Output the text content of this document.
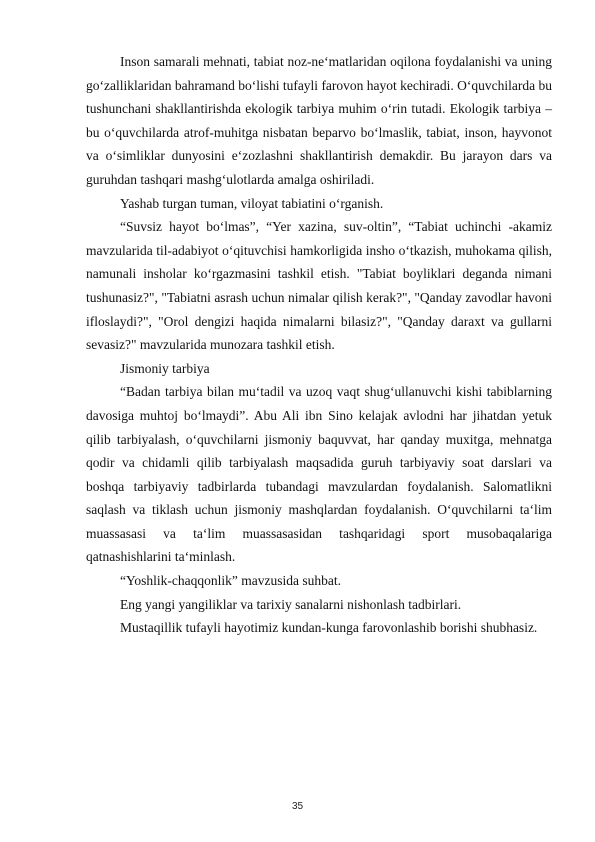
Inson samarali mehnati, tabiat noz-ne‘matlaridan oqilona foydalanishi va uning go‘zalliklaridan bahramand bo‘lishi tufayli farovon hayot kechiradi. O‘quvchilarda bu tushunchani shakllantirishda ekologik tarbiya muhim o‘rin tutadi. Ekologik tarbiya – bu o‘quvchilarda atrof-muhitga nisbatan beparvo bo‘lmaslik, tabiat, inson, hayvonot va o‘simliklar dunyosini e‘zozlashni shakllantirish demakdir. Bu jarayon dars va guruhdan tashqari mashg‘ulotlarda amalga oshiriladi.

Yashab turgan tuman, viloyat tabiatini o‘rganish.

“Suvsiz hayot bo‘lmas”, “Yer xazina, suv-oltin”, “Tabiat uchinchi -akamiz mavzularida til-adabiyot o‘qituvchisi hamkorligida insho o‘tkazish, muhokama qilish, namunali insholar ko‘rgazmasini tashkil etish. "Tabiat boyliklari deganda nimani tushunasiz?", "Tabiatni asrash uchun nimalar qilish kerak?", "Qanday zavodlar havoni ifloslaydi?", "Orol dengizi haqida nimalarni bilasiz?", "Qanday daraxt va gullarni sevasiz?" mavzularida munozara tashkil etish.

Jismoniy tarbiya

“Badan tarbiya bilan mu‘tadil va uzoq vaqt shug‘ullanuvchi kishi tabiblarning davosiga muhtoj bo‘lmaydi”. Abu Ali ibn Sino kelajak avlodni har jihatdan yetuk qilib tarbiyalash, o‘quvchilarni jismoniy baquvvat, har qanday muxitga, mehnatga qodir va chidamli qilib tarbiyalash maqsadida guruh tarbiyaviy soat darslari va boshqa tarbiyaviy tadbirlarda tubandagi mavzulardan foydalanish. Salomatlikni saqlash va tiklash uchun jismoniy mashqlardan foydalanish. O‘quvchilarni ta‘lim muassasasi va ta‘lim muassasasidan tashqaridagi sport musobaqalariga qatnashishlarini ta‘minlash.

“Yoshlik-chaqqonlik” mavzusida suhbat.

Eng yangi yangiliklar va tarixiy sanalarni nishonlash tadbirlari.

Mustaqillik tufayli hayotimiz kundan-kunga farovonlashib borishi shubhasiz.

35
